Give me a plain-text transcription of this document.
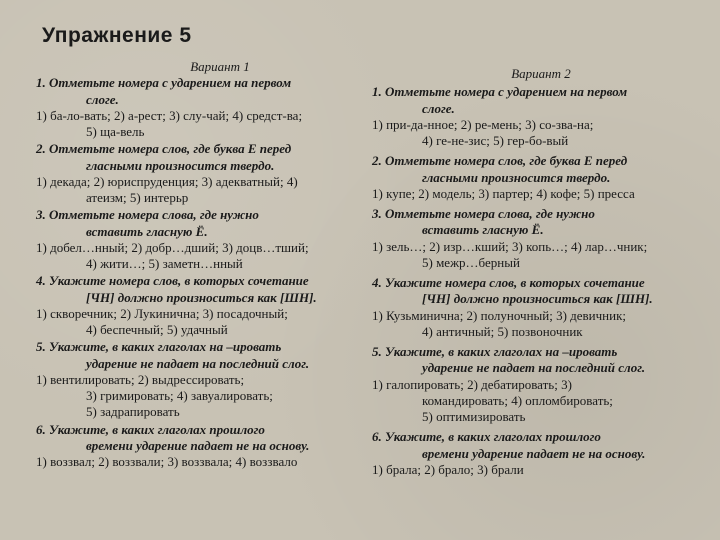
Упражнение 5
Вариант 1
1. Отметьте номера с ударением на первом
слоге.
1) ба-ло-вать; 2) а-рест; 3) слу-чай; 4) средст-ва;
5) ща-вель
2. Отметьте номера слов, где буква Е перед
гласными произносится твердо.
1) декада; 2) юриспруденция; 3) адекватный; 4)
атеизм; 5) интерьр
3. Отметьте номера слова, где нужно
вставить гласную Ё.
1) добел…нный; 2) добр…дший; 3) доцв…тший;
4) жити…; 5) заметн…нный
4. Укажите номера слов, в которых сочетание
[ЧН] должно произноситься как [ШН].
1) скворечник; 2) Лукинична; 3) посадочный;
4) беспечный; 5) удачный
5. Укажите, в каких глаголах на –ировать
ударение не падает на последний слог.
1) вентилировать; 2) выдрессировать;
3) гримировать; 4) завуалировать;
5) задрапировать
6. Укажите, в каких глаголах прошлого
времени ударение падает не на основу.
1) воззвал; 2) воззвали; 3) воззвала; 4) воззвало
Вариант 2
1. Отметьте номера с ударением на первом
слоге.
1) при-да-нное; 2) ре-мень; 3) со-зва-на;
4) ге-не-зис; 5) гер-бо-вый
2. Отметьте номера слов, где буква Е перед
гласными произносится твердо.
1) купе; 2) модель; 3) партер; 4) кофе; 5) пресса
3. Отметьте номера слова, где нужно
вставить гласную Ё.
1) зель…; 2) изр…кший; 3) копь…; 4) лар…чник;
5) межр…берный
4. Укажите номера слов, в которых сочетание
[ЧН] должно произноситься как [ШН].
1) Кузьминична; 2) полуночный; 3) девичник;
4) античный; 5) позвоночник
5. Укажите, в каких глаголах на –ировать
ударение не падает на последний слог.
1) галопировать; 2) дебатировать; 3)
командировать; 4) опломбировать;
5) оптимизировать
6. Укажите, в каких глаголах прошлого
времени ударение падает не на основу.
1) брала; 2) брало; 3) брали
